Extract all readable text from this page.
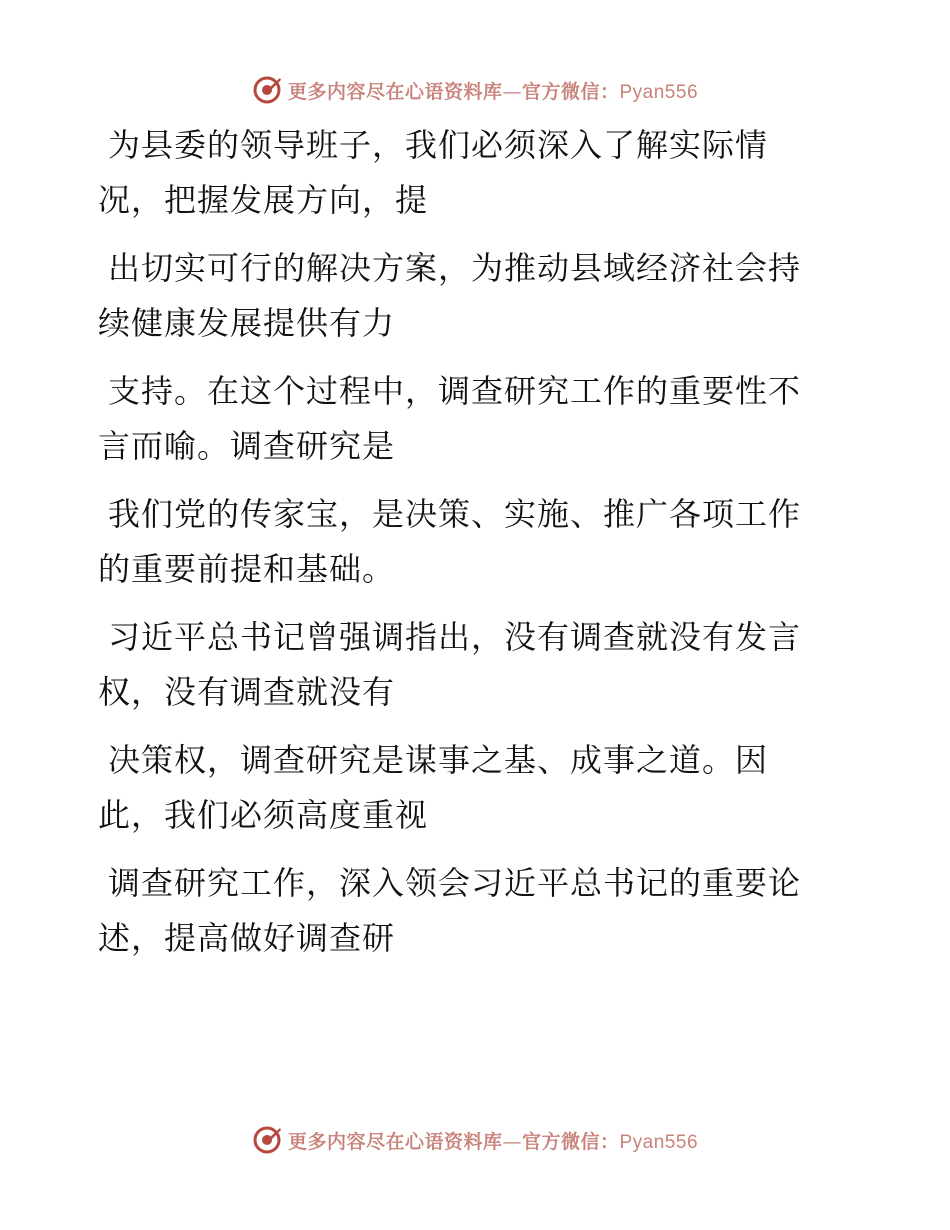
更多内容尽在心语资料库—官方微信：Pyan556

为县委的领导班子，我们必须深入了解实际情
况，把握发展方向，提

出切实可行的解决方案，为推动县域经济社会持
续健康发展提供有力

支持。在这个过程中，调查研究工作的重要性不
言而喻。调查研究是

我们党的传家宝，是决策、实施、推广各项工作
的重要前提和基础。

习近平总书记曾强调指出，没有调查就没有发言
权，没有调查就没有

决策权，调查研究是谋事之基、成事之道。因
此，我们必须高度重视

调查研究工作，深入领会习近平总书记的重要论
述，提高做好调查研

更多内容尽在心语资料库—官方微信：Pyan556
